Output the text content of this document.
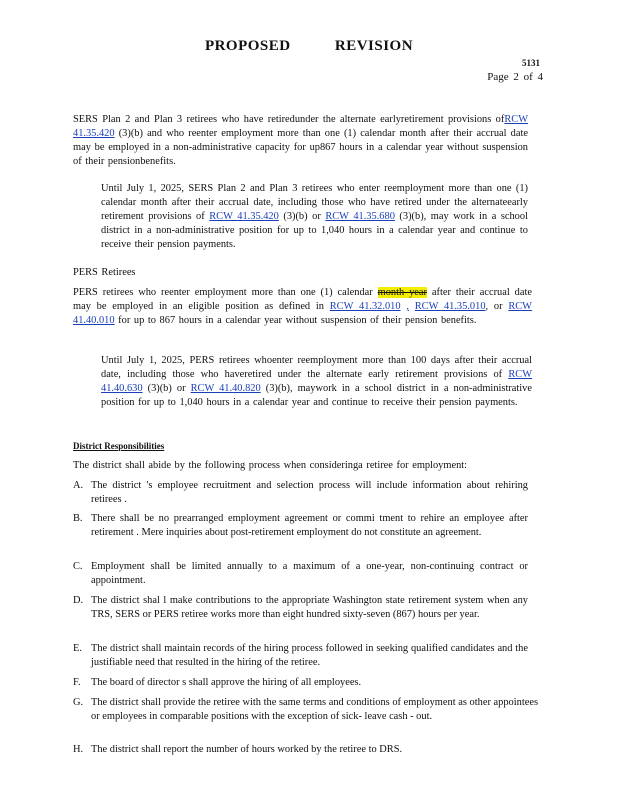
PROPOSED REVISION

5131

Page 2 of 4

SERS Plan 2 and Plan 3 retirees who have retiredunder the alternate earlyretirement provisions ofRCW 41.35.420 (3)(b) and who reenter employment more than one (1) calendar month after their accrual date may be employed in a non-administrative capacity for up867 hours in a calendar year without suspension of their pensionbenefits.

Until July 1, 2025, SERS Plan 2 and Plan 3 retirees who enter reemployment more than one (1) calendar month after their accrual date, including those who have retired under the alternateearly retirement provisions of RCW 41.35.420 (3)(b) or RCW 41.35.680 (3)(b), may work in a school district in a non-administrative position for up to 1,040 hours in a calendar year and continue to receive their pension payments.

PERS Retirees

PERS retirees who reenter employment more than one (1) calendar month year after their accrual date may be employed in an eligible position as defined in RCW 41.32.010 , RCW 41.35.010, or RCW 41.40.010 for up to 867 hours in a calendar year without suspension of their pension benefits.

Until July 1, 2025, PERS retirees whoenter reemployment more than 100 days after their accrual date, including those who haveretired under the alternate early retirement provisions of RCW 41.40.630 (3)(b) or RCW 41.40.820 (3)(b), maywork in a school district in a non-administrative position for up to 1,040 hours in a calendar year and continue to receive their pension payments.

District Responsibilities

The district shall abide by the following process when consideringa retiree for employment:

A. The district 's employee recruitment and selection process will include information about rehiring retirees .
B. There shall be no prearranged employment agreement or commi tment to rehire an employee after retirement . Mere inquiries about post-retirement employment do not constitute an agreement.
C. Employment shall be limited annually to a maximum of a one-year, non-continuing contract or appointment.
D. The district shal l make contributions to the appropriate Washington state retirement system when any TRS, SERS or PERS retiree works more than eight hundred sixty-seven (867) hours per year.
E. The district shall maintain records of the hiring process followed in seeking qualified candidates and the justifiable need that resulted in the hiring of the retiree.
F. The board of director s shall approve the hiring of all employees.
G. The district shall provide the retiree with the same terms and conditions of employment as other appointees or employees in comparable positions with the exception of sick- leave cash - out.
H. The district shall report the number of hours worked by the retiree to DRS.
